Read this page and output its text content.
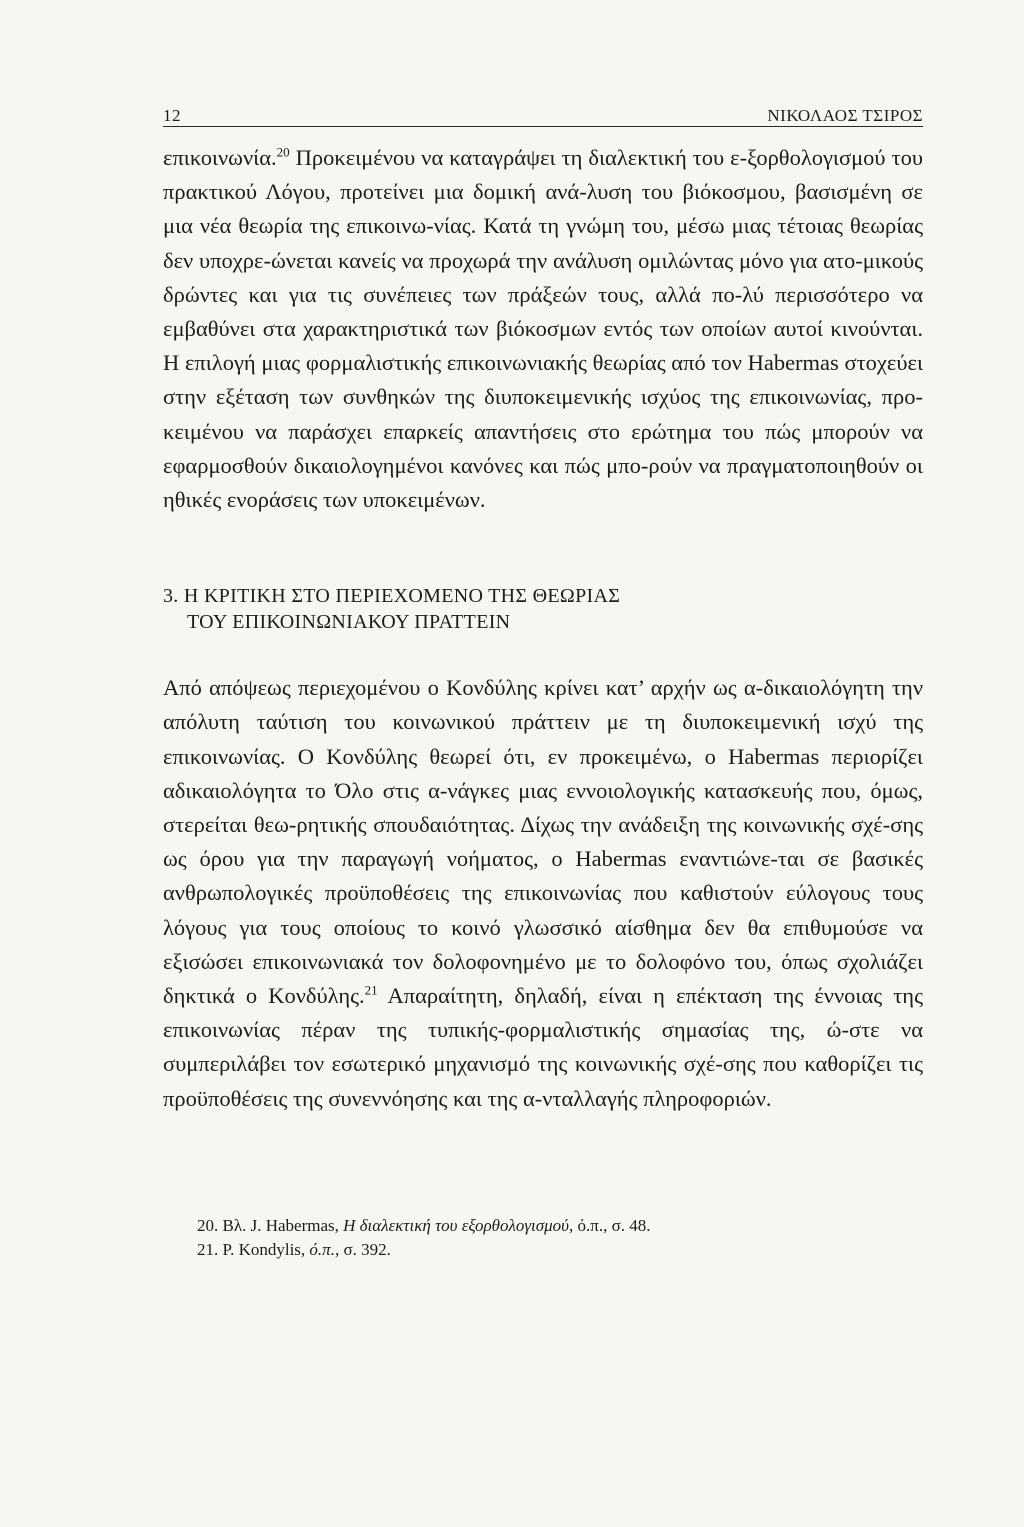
12	ΝΙΚΟΛΑΟΣ ΤΣΙΡΟΣ

επικοινωνία.$^{20}$ Προκειμένου να καταγράψει τη διαλεκτική του ε-ξορθολογισμού του πρακτικού Λόγου, προτείνει μια δομική ανά-λυση του βιόκοσμου, βασισμένη σε μια νέα θεωρία της επικοινω-νίας. Κατά τη γνώμη του, μέσω μιας τέτοιας θεωρίας δεν υποχρε-ώνεται κανείς να προχωρά την ανάλυση ομιλώντας μόνο για ατο-μικούς δρώντες και για τις συνέπειες των πράξεών τους, αλλά πο-λύ περισσότερο να εμβαθύνει στα χαρακτηριστικά των βιόκοσμων εντός των οποίων αυτοί κινούνται. Η επιλογή μιας φορμαλιστικής επικοινωνιακής θεωρίας από τον Habermas στοχεύει στην εξέταση των συνθηκών της διυποκειμενικής ισχύος της επικοινωνίας, προ-κειμένου να παράσχει επαρκείς απαντήσεις στο ερώτημα του πώς μπορούν να εφαρμοσθούν δικαιολογημένοι κανόνες και πώς μπο-ρούν να πραγματοποιηθούν οι ηθικές ενοράσεις των υποκειμένων.

3. Η ΚΡΙΤΙΚΗ ΣΤΟ ΠΕΡΙΕΧΟΜΕΝΟ ΤΗΣ ΘΕΩΡΙΑΣ
ΤΟΥ ΕΠΙΚΟΙΝΩΝΙΑΚΟΥ ΠΡΑΤΤΕΙΝ

Από απόψεως περιεχομένου ο Κονδύλης κρίνει κατ’ αρχήν ως α-δικαιολόγητη την απόλυτη ταύτιση του κοινωνικού πράττειν με τη διυποκειμενική ισχύ της επικοινωνίας. Ο Κονδύλης θεωρεί ότι, εν προκειμένω, ο Habermas περιορίζει αδικαιολόγητα το Όλο στις α-νάγκες μιας εννοιολογικής κατασκευής που, όμως, στερείται θεω-ρητικής σπουδαιότητας. Δίχως την ανάδειξη της κοινωνικής σχέ-σης ως όρου για την παραγωγή νοήματος, ο Habermas εναντιώνε-ται σε βασικές ανθρωπολογικές προϋποθέσεις της επικοινωνίας που καθιστούν εύλογους τους λόγους για τους οποίους το κοινό γλωσσικό αίσθημα δεν θα επιθυμούσε να εξισώσει επικοινωνιακά τον δολοφονημένο με το δολοφόνο του, όπως σχολιάζει δηκτικά ο Κονδύλης.$^{21}$ Απαραίτητη, δηλαδή, είναι η επέκταση της έννοιας της επικοινωνίας πέραν της τυπικής-φορμαλιστικής σημασίας της, ώ-στε να συμπεριλάβει τον εσωτερικό μηχανισμό της κοινωνικής σχέ-σης που καθορίζει τις προϋποθέσεις της συνεννόησης και της α-νταλλαγής πληροφοριών.

20. Βλ. J. Habermas, Η διαλεκτική του εξορθολογισμού, ό.π., σ. 48.

21. P. Kondylis, ό.π., σ. 392.
